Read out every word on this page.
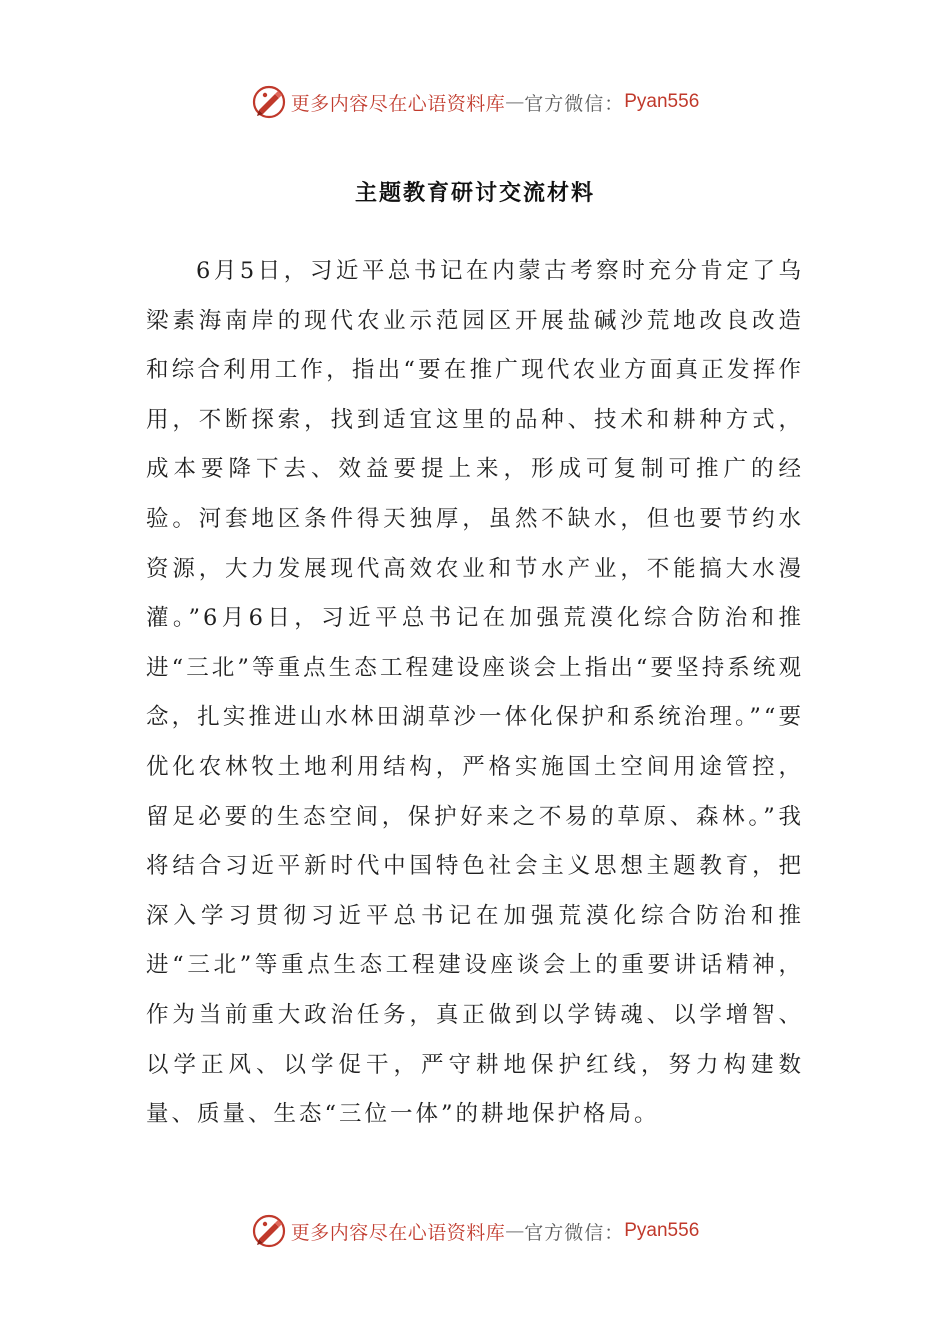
更多内容尽在心语资料库 — 官方微信： Pyan556
主题教育研讨交流材料

6月5日，习近平总书记在内蒙古考察时充分肯定了乌梁素海南岸的现代农业示范园区开展盐碱沙荒地改良改造和综合利用工作，指出“要在推广现代农业方面真正发挥作用，不断探索，找到适宜这里的品种、技术和耕种方式，成本要降下去、效益要提上来，形成可复制可推广的经验。河套地区条件得天独厚，虽然不缺水，但也要节约水资源，大力发展现代高效农业和节水产业，不能搞大水漫灌。”6月6日，习近平总书记在加强荒漠化综合防治和推进“三北”等重点生态工程建设座谈会上指出“要坚持系统观念，扎实推进山水林田湖草沙一体化保护和系统治理。”“要优化农林牧土地利用结构，严格实施国土空间用途管控，留足必要的生态空间，保护好来之不易的草原、森林。”我将结合习近平新时代中国特色社会主义思想主题教育，把深入学习贯彻习近平总书记在加强荒漠化综合防治和推进“三北”等重点生态工程建设座谈会上的重要讲话精神，作为当前重大政治任务，真正做到以学铸魂、以学增智、以学正风、以学促干，严守耕地保护红线，努力构建数量、质量、生态“三位一体”的耕地保护格局。

更多内容尽在心语资料库 — 官方微信： Pyan556
